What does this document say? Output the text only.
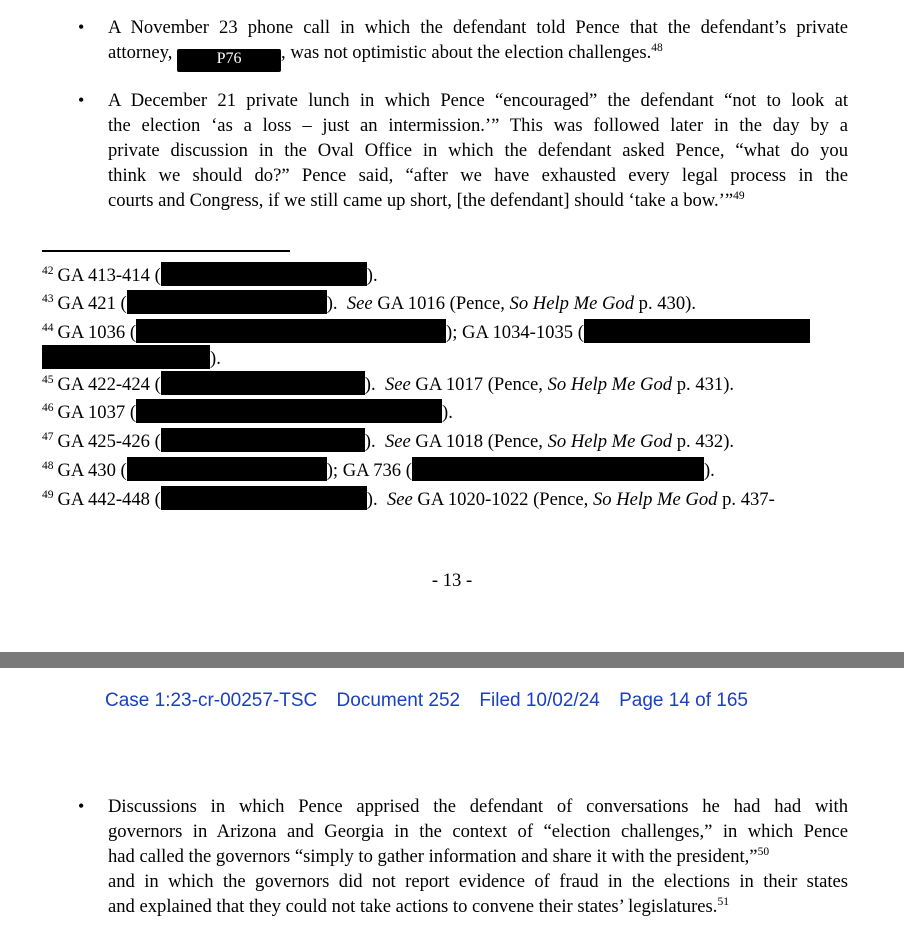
• A November 23 phone call in which the defendant told Pence that the defendant’s private
attorney,	P76 , was not optimistic about the election challenges.$^{48}$
• A December 21 private lunch in which Pence “encouraged” the defendant “not to look at
the election ‘as a loss – just an intermission.’” This was followed later in the day by a
private discussion in the Oval Office in which the defendant asked Pence, “what do you
think we should do?” Pence said, “after we have exhausted every legal process in the
courts and Congress, if we still came up short, [the defendant] should ‘take a bow.’”$^{49}$
$^{42}$ GA 413-414 (	).
$^{43}$ GA 421 (	). See GA 1016 (Pence, So Help Me God p. 430).
$^{44}$ GA 1036 (	); GA 1034-1035 (
).
$^{45}$ GA 422-424 (	). See GA 1017 (Pence, So Help Me God p. 431).
$^{46}$ GA 1037 (	).
$^{47}$ GA 425-426 (	). See GA 1018 (Pence, So Help Me God p. 432).
$^{48}$ GA 430 (	); GA 736 (	).
$^{49}$ GA 442-448 (	). See GA 1020-1022 (Pence, So Help Me God p. 437-
- 13 -
Case 1:23-cr-00257-TSC Document 252 Filed 10/02/24 Page 14 of 165
• Discussions in which Pence apprised the defendant of conversations he had had with
governors in Arizona and Georgia in the context of “election challenges,” in which Pence
had called the governors “simply to gather information and share it with the president,”$^{50}$
and in which the governors did not report evidence of fraud in the elections in their states
and explained that they could not take actions to convene their states’ legislatures.$^{51}$
